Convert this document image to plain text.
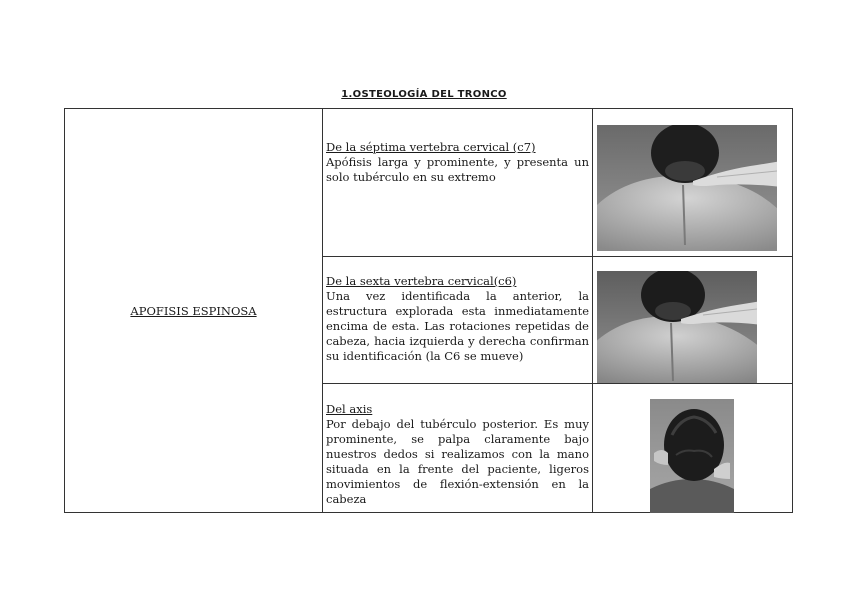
1.OSTEOLOGÍA DEL TRONCO
APOFISIS ESPINOSA	De la séptima vertebra cervical (c7)
Apófisis larga y prominente, y presenta un solo tubérculo en su extremo

	De la sexta vertebra cervical(c6)
Una vez identificada la anterior, la estructura explorada esta inmediatamente encima de esta. Las rotaciones repetidas de cabeza, hacia izquierda y derecha confirman su identificación (la C6 se mueve)

	Del axis
Por debajo del tubérculo posterior. Es muy prominente, se palpa claramente bajo nuestros dedos si realizamos con la mano situada en la frente del paciente, ligeros movimientos de flexión-extensión en la cabeza
